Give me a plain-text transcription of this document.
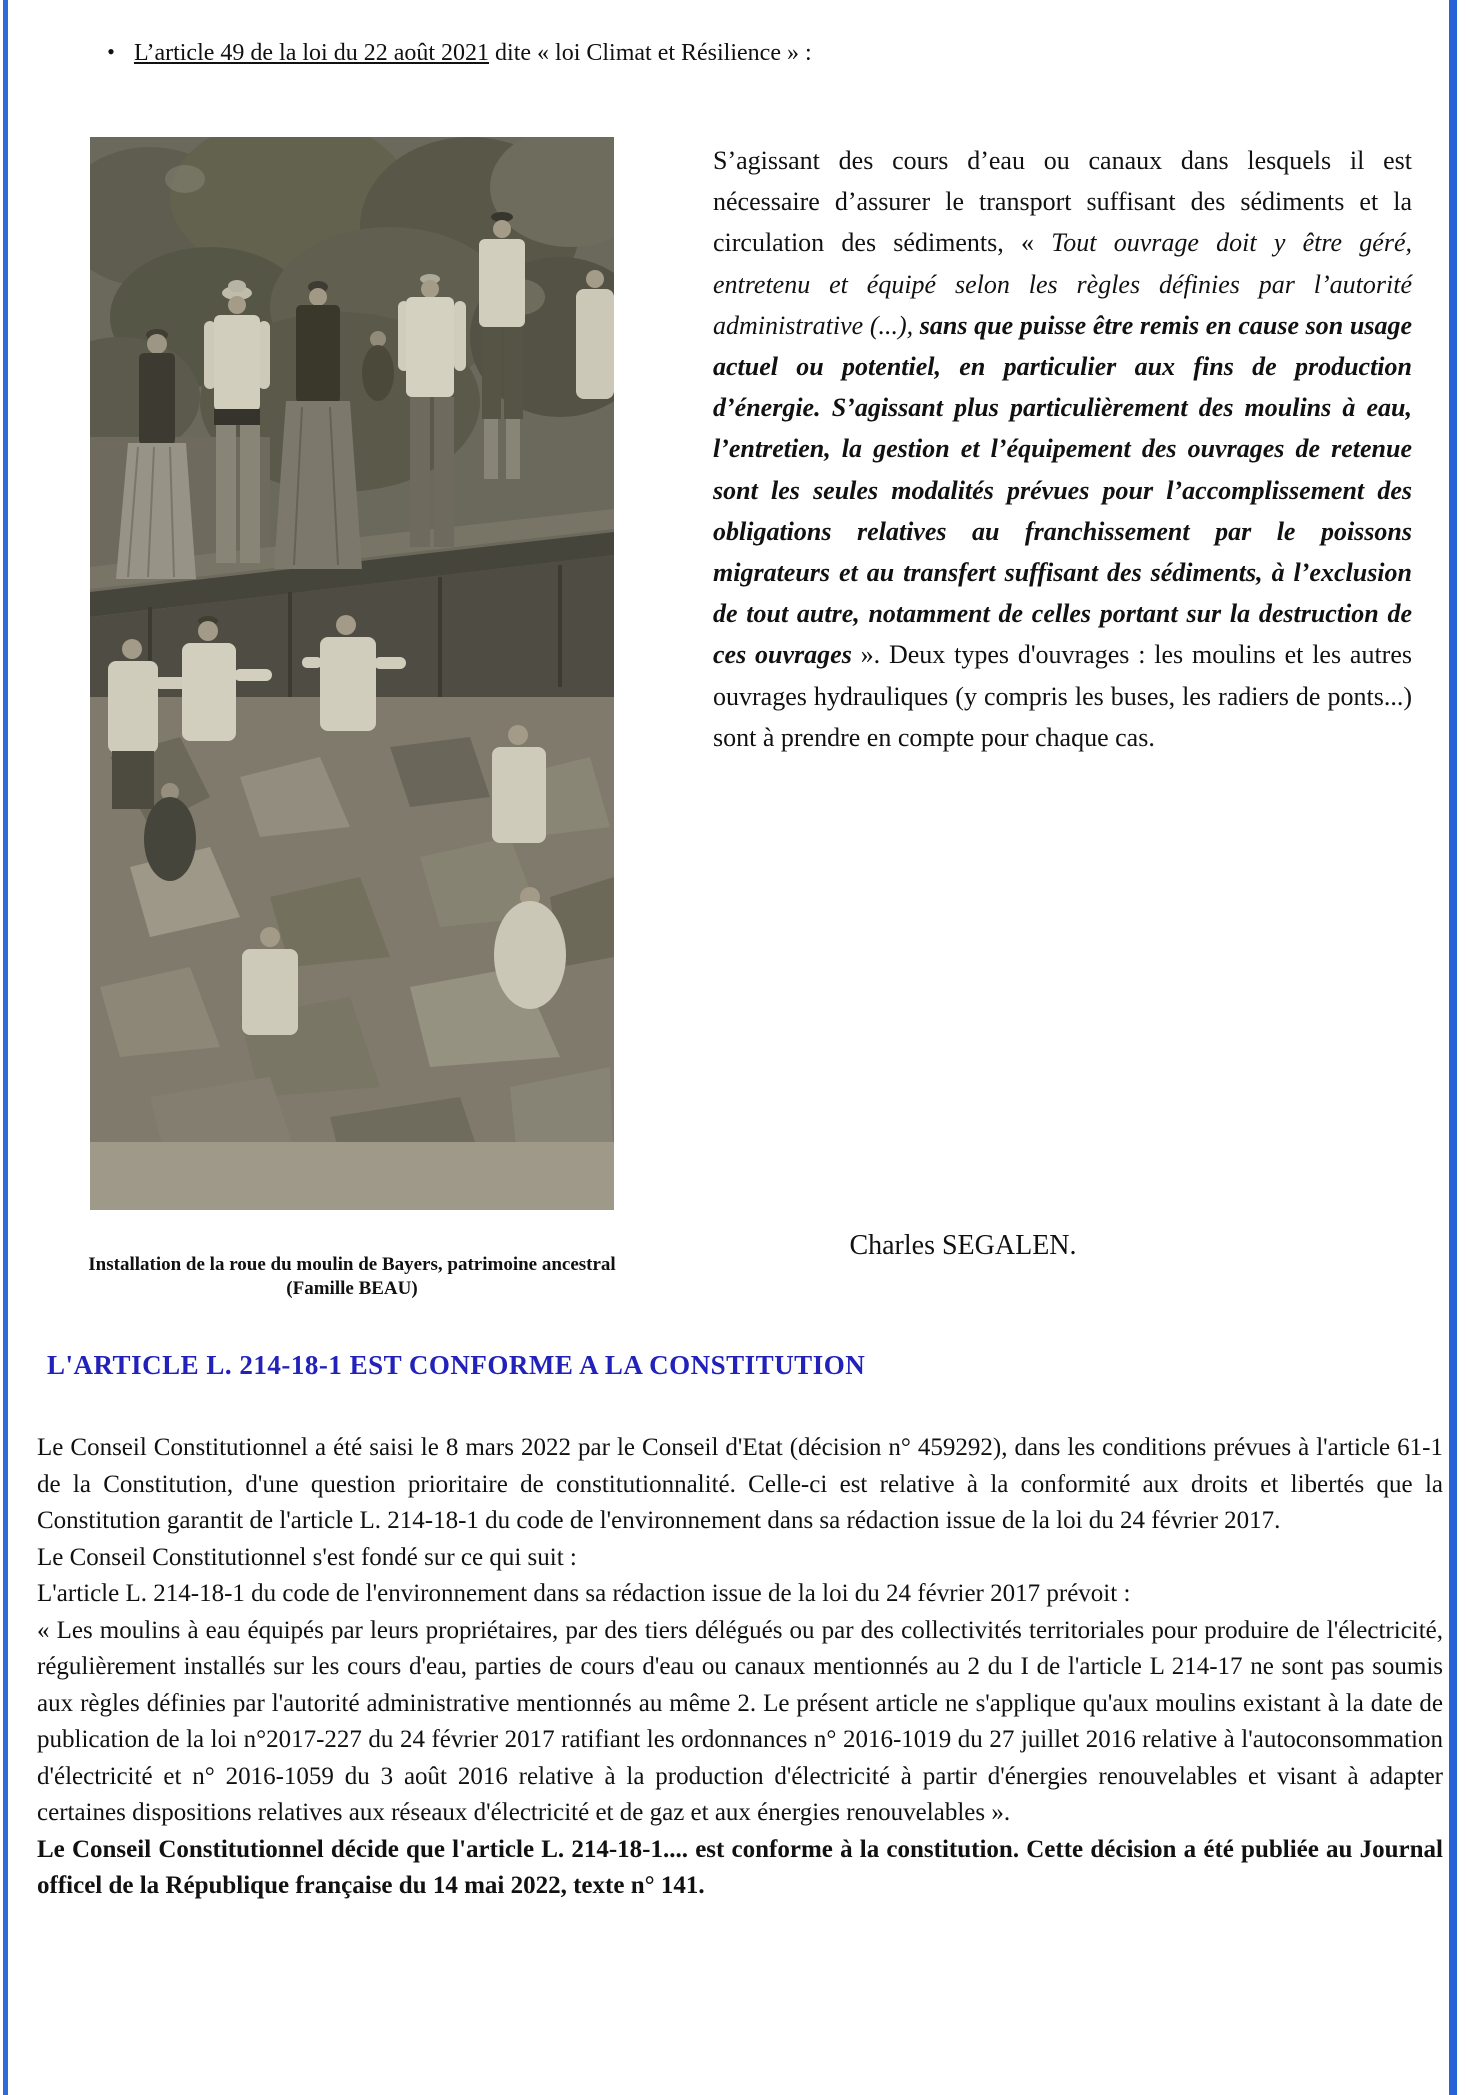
• L’article 49 de la loi du 22 août 2021 dite « loi Climat et Résilience » :
Installation de la roue du moulin de Bayers, patrimoine ancestral (Famille BEAU)
S’agissant des cours d’eau ou canaux dans lesquels il est nécessaire d’assurer le transport suffisant des sédiments et la circulation des sédiments, « Tout ouvrage doit y être géré, entretenu et équipé selon les règles définies par l’autorité administrative (...), sans que puisse être remis en cause son usage actuel ou potentiel, en particulier aux fins de production d’énergie. S’agissant plus particulièrement des moulins à eau, l’entretien, la gestion et l’équipement des ouvrages de retenue sont les seules modalités prévues pour l’accomplissement des obligations relatives au franchissement par le poissons migrateurs et au transfert suffisant des sédiments, à l’exclusion de tout autre, notamment de celles portant sur la destruction de ces ouvrages ». Deux types d'ouvrages : les moulins et les autres ouvrages hydrauliques (y compris les buses, les radiers de ponts...) sont à prendre en compte pour chaque cas.
Charles SEGALEN.
L'ARTICLE L. 214-18-1 EST CONFORME A LA CONSTITUTION

Le Conseil Constitutionnel a été saisi le 8 mars 2022 par le Conseil d'Etat (décision n° 459292), dans les conditions prévues à l'article 61-1 de la Constitution, d'une question prioritaire de constitutionnalité. Celle-ci est relative à la conformité aux droits et libertés que la Constitution garantit de l'article L. 214-18-1 du code de l'environnement dans sa rédaction issue de la loi du 24 février 2017.

Le Conseil Constitutionnel s'est fondé sur ce qui suit :

L'article L. 214-18-1 du code de l'environnement dans sa rédaction issue de la loi du 24 février 2017 prévoit :

« Les moulins à eau équipés par leurs propriétaires, par des tiers délégués ou par des collectivités territoriales pour produire de l'électricité, régulièrement installés sur les cours d'eau, parties de cours d'eau ou canaux mentionnés au 2 du I de l'article L 214-17 ne sont pas soumis aux règles définies par l'autorité administrative mentionnés au même 2. Le présent article ne s'applique qu'aux moulins existant à la date de publication de la loi n°2017-227 du 24 février 2017 ratifiant les ordonnances n° 2016-1019 du 27 juillet 2016 relative à l'autoconsommation d'électricité et n° 2016-1059 du 3 août 2016 relative à la production d'électricité à partir d'énergies renouvelables et visant à adapter certaines dispositions relatives aux réseaux d'électricité et de gaz et aux énergies renouvelables ».

Le Conseil Constitutionnel décide que l'article L. 214-18-1.... est conforme à la constitution. Cette décision a été publiée au Journal officel de la République française du 14 mai 2022, texte n° 141.
